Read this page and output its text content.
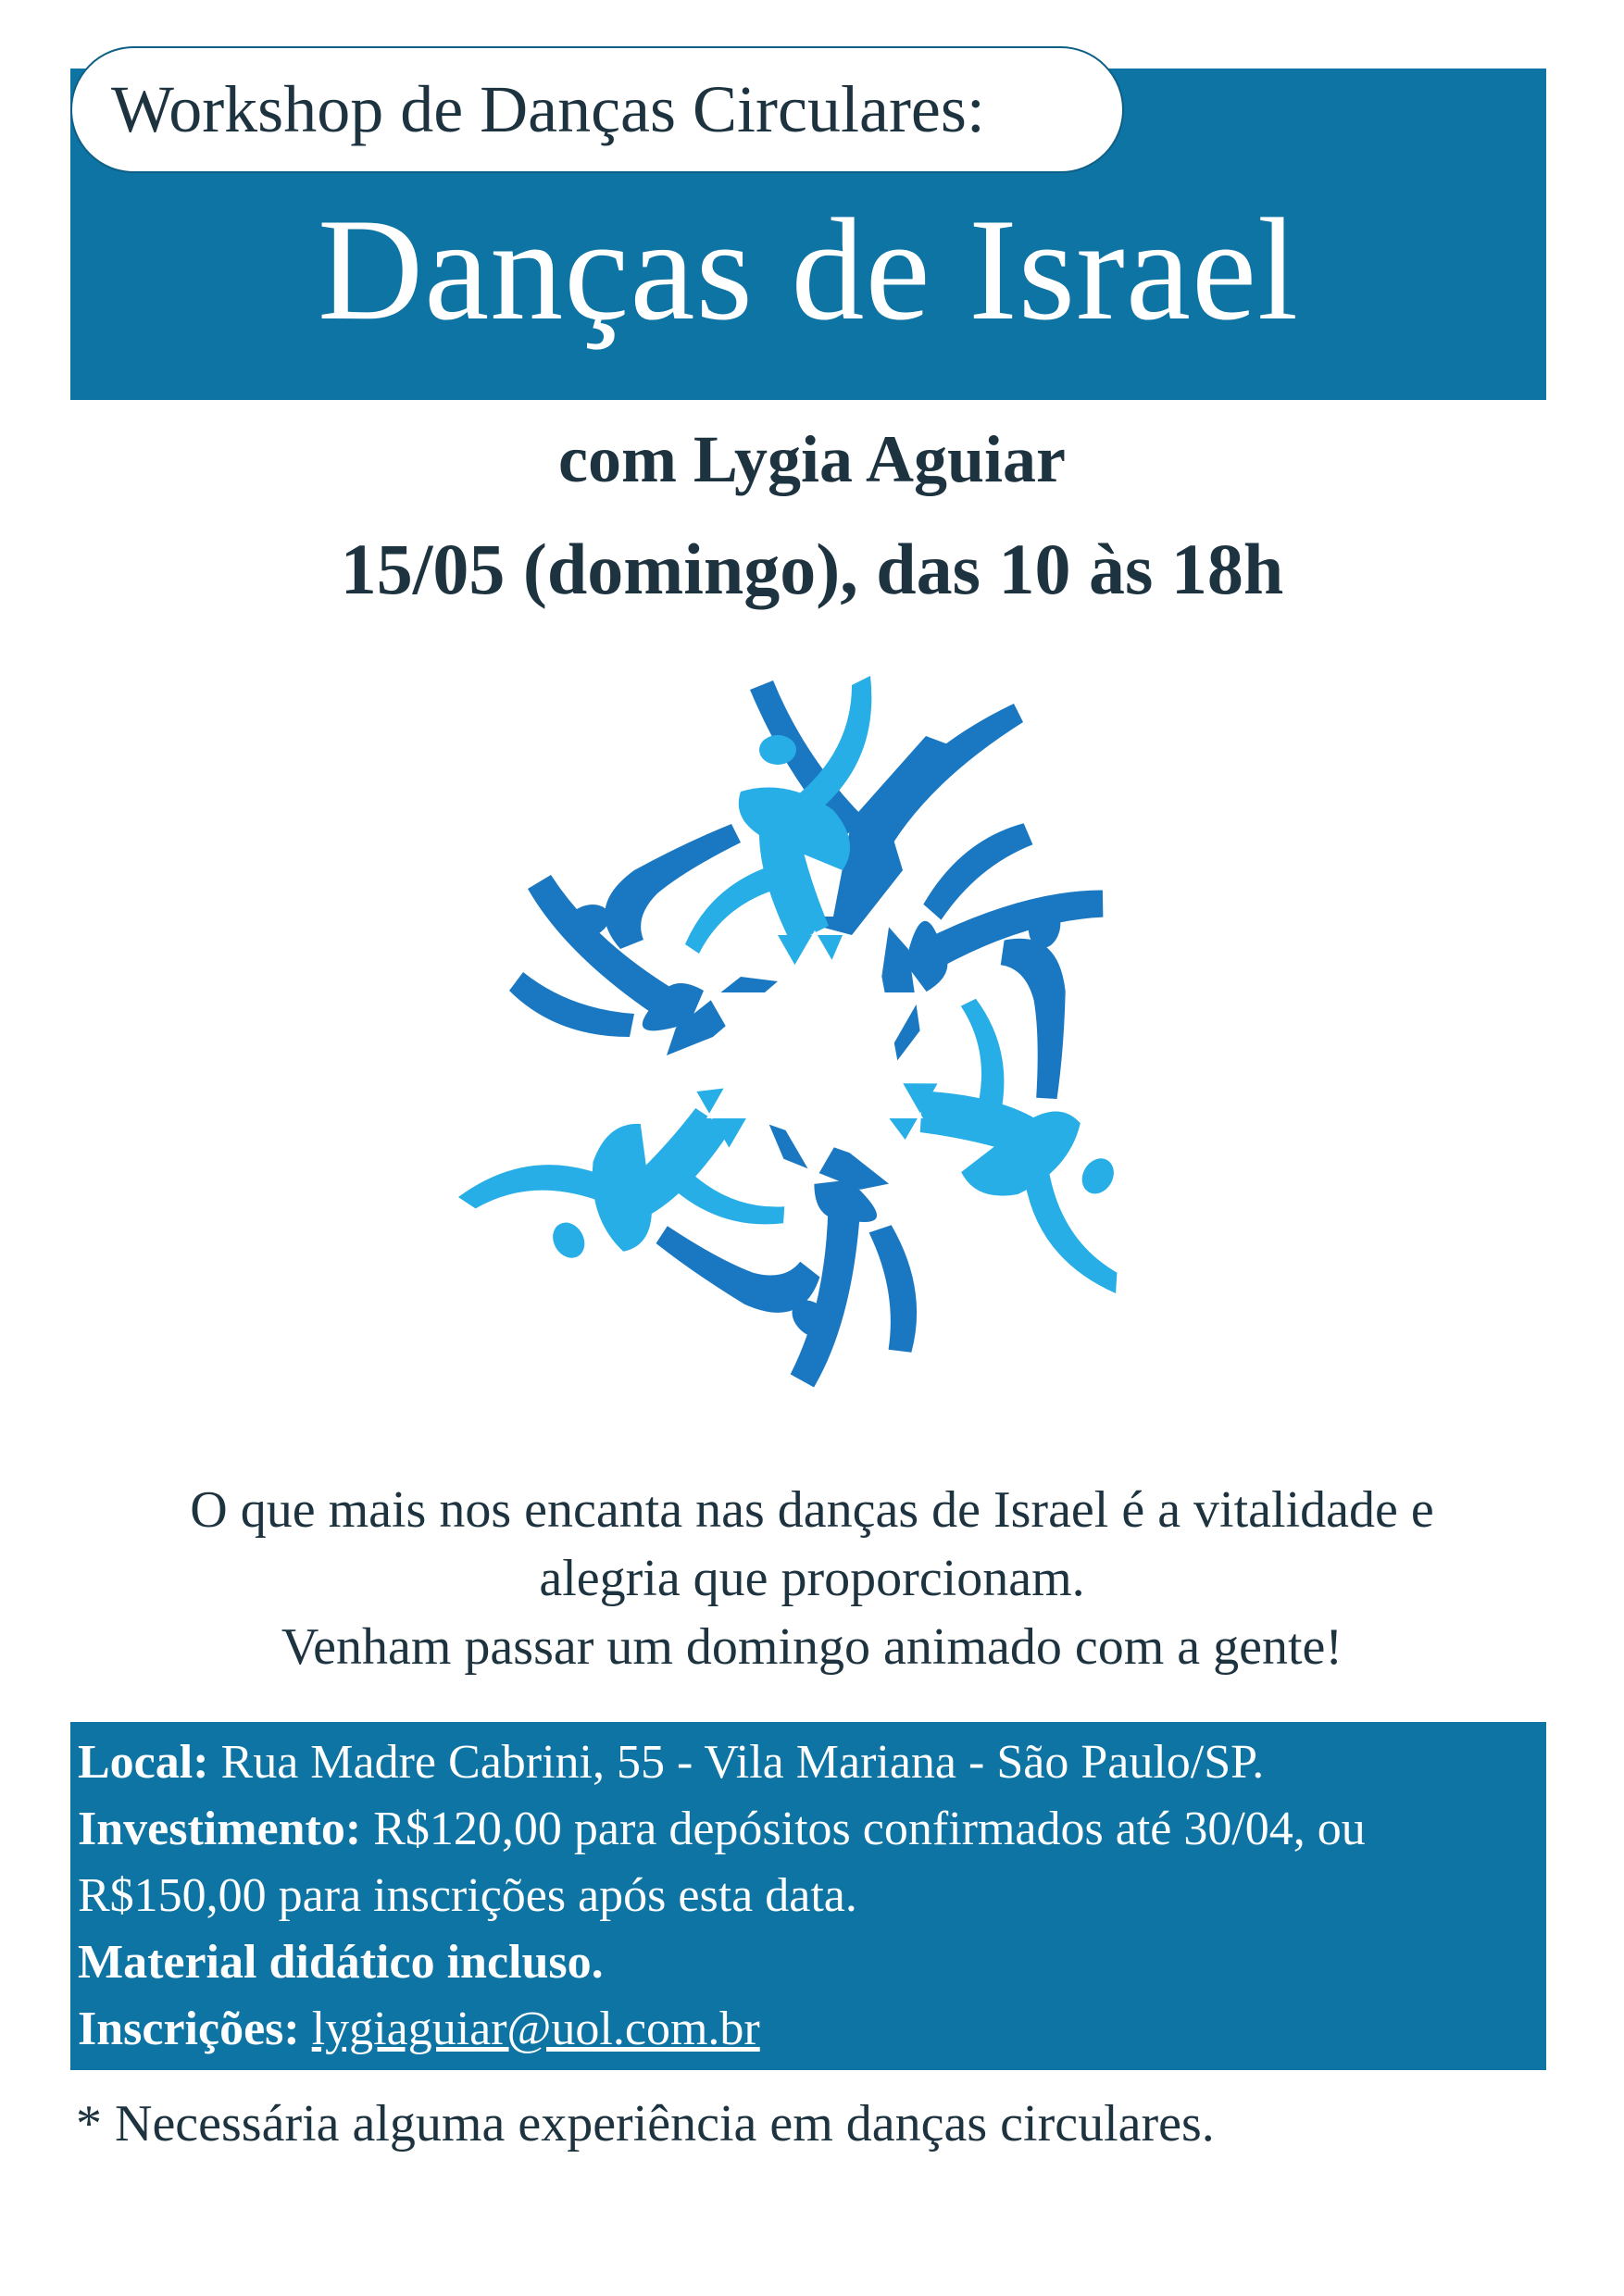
Workshop de Danças Circulares:
Danças de Israel
com Lygia Aguiar
15/05 (domingo), das 10 às 18h
O que mais nos encanta nas danças de Israel é a vitalidade e
alegria que proporcionam.
Venham passar um domingo animado com a gente!
Local: Rua Madre Cabrini, 55 - Vila Mariana - São Paulo/SP.
Investimento: R$120,00 para depósitos confirmados até 30/04, ou
R$150,00 para inscrições após esta data.
Material didático incluso.
Inscrições: lygiaguiar@uol.com.br
* Necessária alguma experiência em danças circulares.
